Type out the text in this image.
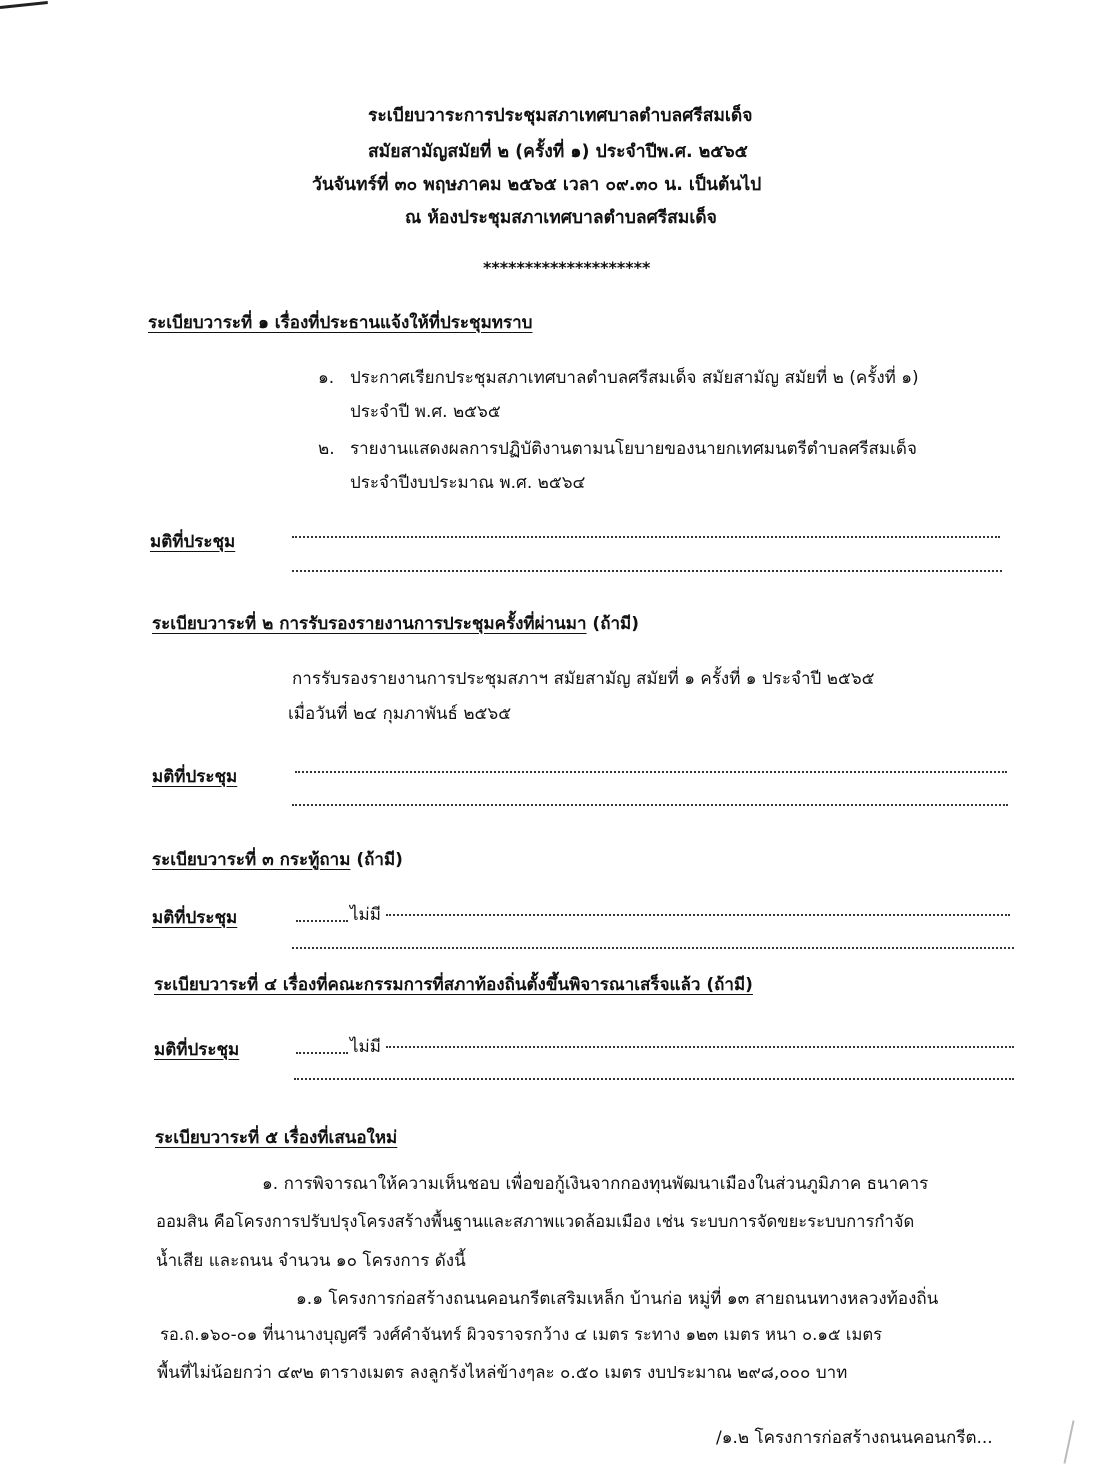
ระเบียบวาระการประชุมสภาเทศบาลตำบลศรีสมเด็จ
สมัยสามัญสมัยที่ ๒ (ครั้งที่ ๑) ประจำปีพ.ศ. ๒๕๖๕
วันจันทร์ที่ ๓๐ พฤษภาคม ๒๕๖๕ เวลา ๐๙.๓๐ น. เป็นต้นไป
ณ ห้องประชุมสภาเทศบาลตำบลศรีสมเด็จ
********************
ระเบียบวาระที่ ๑ เรื่องที่ประธานแจ้งให้ที่ประชุมทราบ
๑. ประกาศเรียกประชุมสภาเทศบาลตำบลศรีสมเด็จ สมัยสามัญ สมัยที่ ๒ (ครั้งที่ ๑)
ประจำปี พ.ศ. ๒๕๖๕
๒. รายงานแสดงผลการปฏิบัติงานตามนโยบายของนายกเทศมนตรีตำบลศรีสมเด็จ
ประจำปีงบประมาณ พ.ศ. ๒๕๖๔
มติที่ประชุม
ระเบียบวาระที่ ๒ การรับรองรายงานการประชุมครั้งที่ผ่านมา (ถ้ามี)
การรับรองรายงานการประชุมสภาฯ สมัยสามัญ สมัยที่ ๑ ครั้งที่ ๑ ประจำปี ๒๕๖๕
เมื่อวันที่ ๒๔ กุมภาพันธ์ ๒๕๖๕
มติที่ประชุม
ระเบียบวาระที่ ๓ กระทู้ถาม (ถ้ามี)
มติที่ประชุม	ไม่มี
ระเบียบวาระที่ ๔ เรื่องที่คณะกรรมการที่สภาท้องถิ่นตั้งขึ้นพิจารณาเสร็จแล้ว (ถ้ามี)
มติที่ประชุม	ไม่มี
ระเบียบวาระที่ ๕ เรื่องที่เสนอใหม่
๑. การพิจารณาให้ความเห็นชอบ เพื่อขอกู้เงินจากกองทุนพัฒนาเมืองในส่วนภูมิภาค ธนาคาร
ออมสิน คือโครงการปรับปรุงโครงสร้างพื้นฐานและสภาพแวดล้อมเมือง เช่น ระบบการจัดขยะระบบการกำจัด
น้ำเสีย และถนน จำนวน ๑๐ โครงการ ดังนี้
๑.๑ โครงการก่อสร้างถนนคอนกรีตเสริมเหล็ก บ้านก่อ หมู่ที่ ๑๓ สายถนนทางหลวงท้องถิ่น
รอ.ถ.๑๖๐-๐๑ ที่นานางบุญศรี วงศ์คำจันทร์ ผิวจราจรกว้าง ๔ เมตร ระทาง ๑๒๓ เมตร หนา ๐.๑๕ เมตร
พื้นที่ไม่น้อยกว่า ๔๙๒ ตารางเมตร ลงลูกรังไหล่ข้างๆละ ๐.๕๐ เมตร งบประมาณ ๒๙๘,๐๐๐ บาท
/๑.๒ โครงการก่อสร้างถนนคอนกรีต...
